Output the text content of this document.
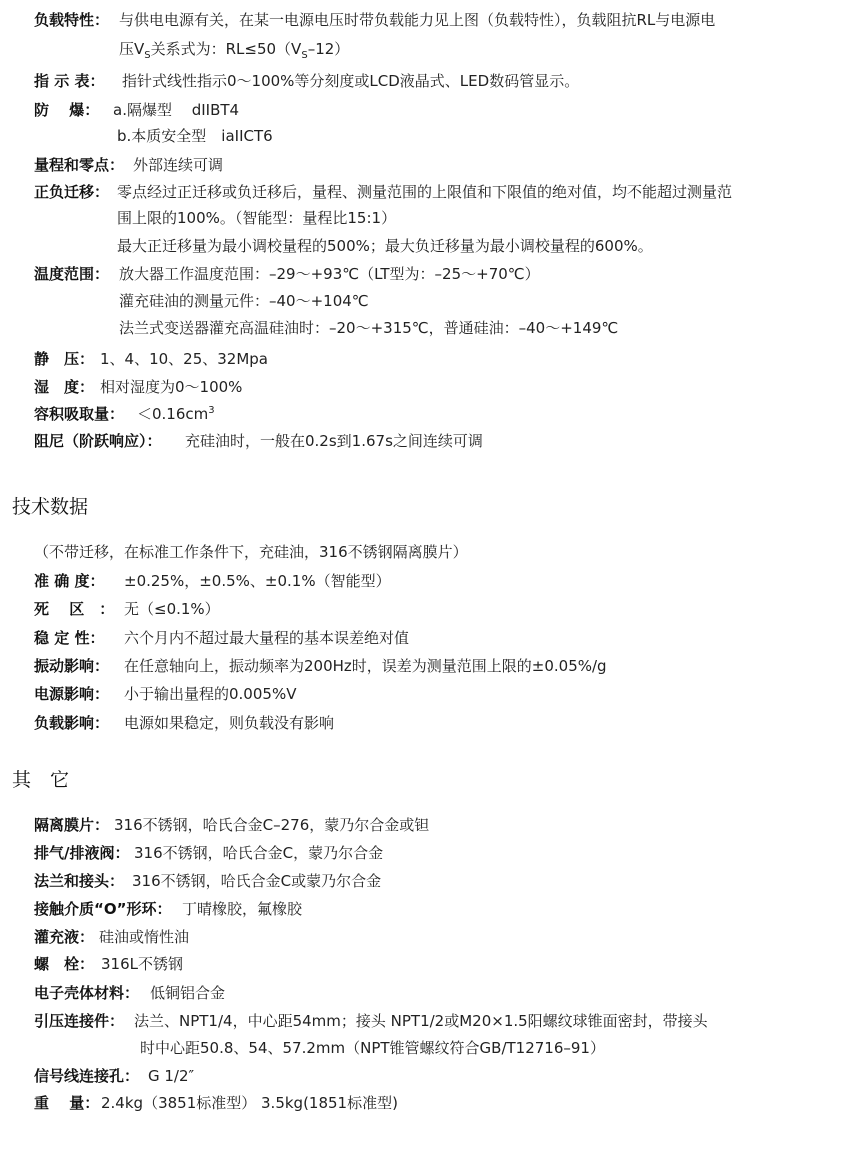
负载特性： 与供电电源有关，在某一电源电压时带负载能力见上图（负载特性），负载阻抗RL与电源电
压$V_S$关系式为：$RL\le 50(V_S-12)$
指 示 表： 指针式线性指示0～100%等分刻度或LCD液晶式、LED数码管显示。
防　 爆： a.隔爆型　 dIIBT4
b.本质安全型　iaIICT6
量程和零点： 外部连续可调
正负迁移： 零点经过正迁移或负迁移后，量程、测量范围的上限值和下限值的绝对值，均不能超过测量范
围上限的100%。（智能型：量程比15:1）
最大正迁移量为最小调校量程的500%；最大负迁移量为最小调校量程的600%。
温度范围： 放大器工作温度范围：–29～+93℃（LT型为：–25～+70℃）
灌充硅油的测量元件：–40～+104℃
法兰式变送器灌充高温硅油时：–20～+315℃，普通硅油：–40～+149℃
静　压： 1、4、10、25、32Mpa
湿　度： 相对湿度为0～100%
容积吸取量： $<0.16cm^3$
阻尼（阶跃响应）： 充硅油时，一般在0.2s到1.67s之间连续可调
技术数据
（不带迁移，在标准工作条件下，充硅油，316不锈钢隔离膜片）
准 确 度： ±0.25%，±0.5%、±0.1%（智能型）
死　 区　： 无（≤0.1%）
稳 定 性： 六个月内不超过最大量程的基本误差绝对值
振动影响： 在任意轴向上，振动频率为200Hz时，误差为测量范围上限的±0.05%/g
电源影响： 小于输出量程的0.005%V
负载影响： 电源如果稳定，则负载没有影响
其　它
隔离膜片： 316不锈钢，哈氏合金C–276，蒙乃尔合金或钽
排气/排液阀： 316不锈钢，哈氏合金C，蒙乃尔合金
法兰和接头： 316不锈钢，哈氏合金C或蒙乃尔合金
接触介质“O”形环： 丁晴橡胶，氟橡胶
灌充液： 硅油或惰性油
螺　栓： 316L不锈钢
电子壳体材料： 低铜铝合金
引压连接件： 法兰、NPT1/4，中心距54mm；接头 NPT1/2或M20×1.5阳螺纹球锥面密封，带接头
时中心距50.8、54、57.2mm（NPT锥管螺纹符合GB/T12716–91）
信号线连接孔： G 1/2″
重　 量： 2.4kg（3851标准型） 3.5kg(1851标准型)
